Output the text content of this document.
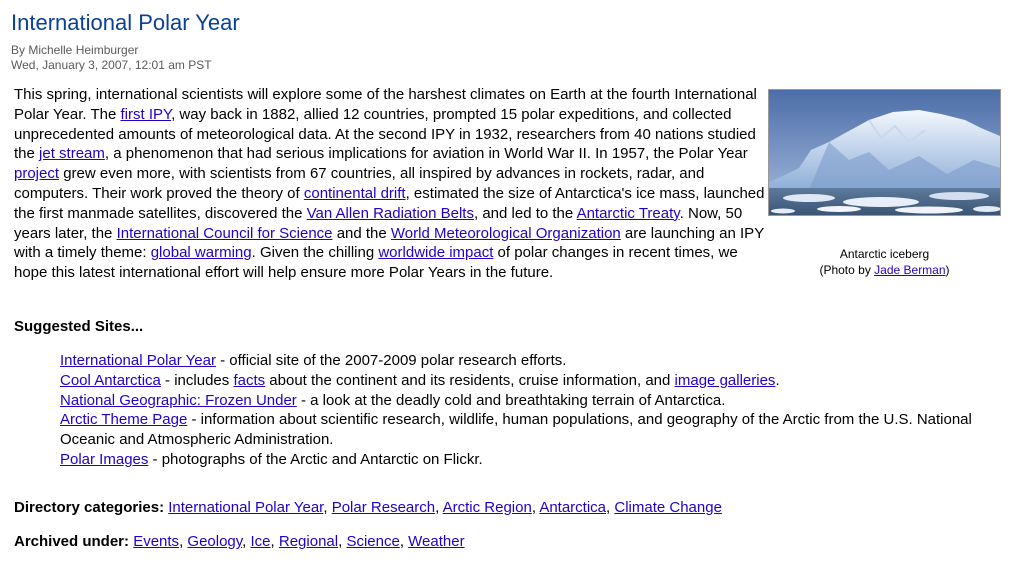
International Polar Year
By Michelle Heimburger
Wed, January 3, 2007, 12:01 am PST
Antarctic iceberg
(Photo by Jade Berman)
This spring, international scientists will explore some of the harshest climates on Earth at the fourth International Polar Year. The first IPY, way back in 1882, allied 12 countries, prompted 15 polar expeditions, and collected unprecedented amounts of meteorological data. At the second IPY in 1932, researchers from 40 nations studied the jet stream, a phenomenon that had serious implications for aviation in World War II. In 1957, the Polar Year project grew even more, with scientists from 67 countries, all inspired by advances in rockets, radar, and computers. Their work proved the theory of continental drift, estimated the size of Antarctica's ice mass, launched the first manmade satellites, discovered the Van Allen Radiation Belts, and led to the Antarctic Treaty. Now, 50 years later, the International Council for Science and the World Meteorological Organization are launching an IPY with a timely theme: global warming. Given the chilling worldwide impact of polar changes in recent times, we hope this latest international effort will help ensure more Polar Years in the future.
Suggested Sites...
International Polar Year - official site of the 2007-2009 polar research efforts.
Cool Antarctica - includes facts about the continent and its residents, cruise information, and image galleries.
National Geographic: Frozen Under - a look at the deadly cold and breathtaking terrain of Antarctica.
Arctic Theme Page - information about scientific research, wildlife, human populations, and geography of the Arctic from the U.S. National Oceanic and Atmospheric Administration.
Polar Images - photographs of the Arctic and Antarctic on Flickr.
Directory categories: International Polar Year, Polar Research, Arctic Region, Antarctica, Climate Change
Archived under: Events, Geology, Ice, Regional, Science, Weather
